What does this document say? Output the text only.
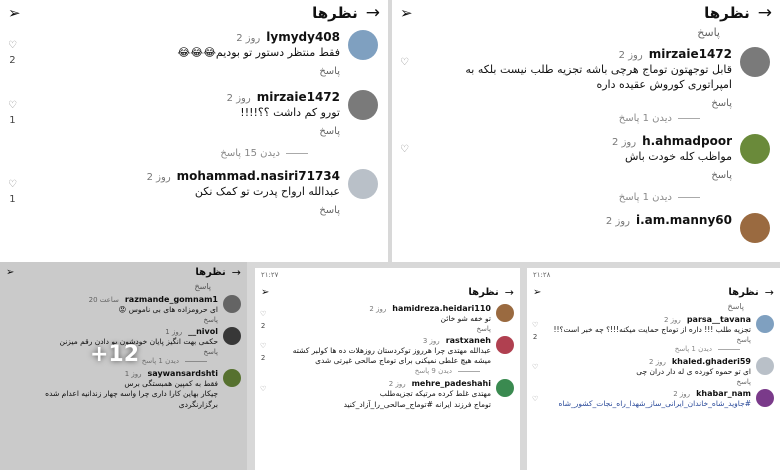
→
نظرها
➢
lymydy408
2 روز
فقط منتظر دستور تو بودیم😂😂😂
پاسخ
♡
2
mirzaie1472
2 روز
تورو کم داشت ؟؟!!!!
پاسخ
♡
1
دیدن 15 پاسخ
mohammad.nasiri71734
2 روز
عبدالله ارواح پدرت تو کمک نکن
پاسخ
♡
1
→
نظرها
➢
پاسخ
mirzaie1472
2 روز
قابل توجهتون توماج هرچی باشه تجزیه طلب نیست بلکه به امپراتوری کوروش عقیده داره
پاسخ
♡
دیدن 1 پاسخ
h.ahmadpoor
2 روز
مواظب کله خودت باش
پاسخ
♡
دیدن 1 پاسخ
i.am.manny60
2 روز
→
نظرها
➢
پاسخ
razmande_gomnam1
20 ساعت
ای حرومزاده های بی ناموس 😡
پاسخ
__nivol
1 روز
حکمی بهت انگیز پایان خودشون بو دادن رقم میزنن
پاسخ
دیدن 1 پاسخ
saywansardshti
1 روز
فقط به کمپین همبستگی برس
چیکار بهاین کارا داری چرا واسه چهار زندانیه اعدام شده برگزارنگردی
+12
۲۱:۲۷
→
نظرها
➢
hamidreza.heidari110
2 روز
تو خفه شو خائن
پاسخ
♡
2
rastxaneh
3 روز
عبدالله مهتدی چرا هرروز توکردستان روزهلات ده ها کولبر کشته میشه هیچ علطی نمیکنی برای توماج صالحی غیرتی شدی
♡
2
دیدن 9 پاسخ
mehre_padeshahi
2 روز
مهتدی غلط کرده مرتیکه تجزیه‌طلب
توماج فرزند ایرانه #توماج_صالحی_را_آزاد_کنید
♡
۲۱:۲۸
→
نظرها
➢
پاسخ
parsa__tavana
2 روز
تجزیه طلب !!! داره از توماج حمایت میکنه!!!؟ چه خبر است؟!!
پاسخ
♡
2
دیدن 1 پاسخ
khaled.ghaderi59
2 روز
ای تو حموه کورده ی له دار دران چی
پاسخ
♡
khabar_nam
2 روز
#جاوید_شاه_خاندان_ایرانی_ساز_شهدا_راه_نجات_کشور_شاه
♡
